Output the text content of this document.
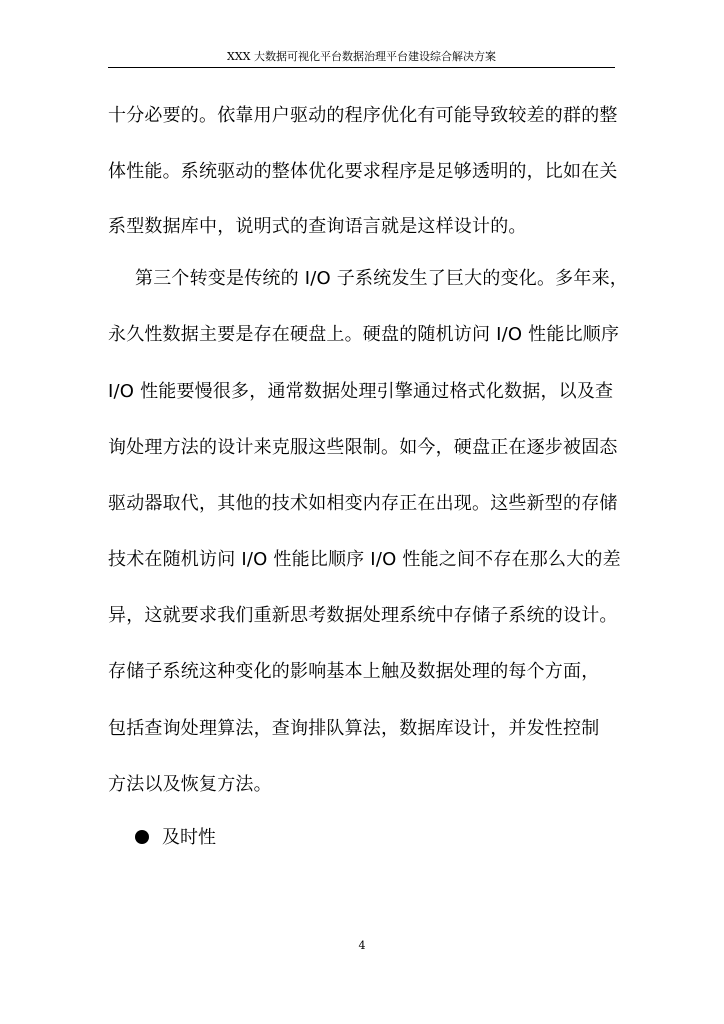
XXX 大数据可视化平台数据治理平台建设综合解决方案
十分必要的。依靠用户驱动的程序优化有可能导致较差的群的整
体性能。系统驱动的整体优化要求程序是足够透明的，比如在关
系型数据库中，说明式的查询语言就是这样设计的。
第三个转变是传统的 I/O 子系统发生了巨大的变化。多年来，
永久性数据主要是存在硬盘上。硬盘的随机访问 I/O 性能比顺序
I/O 性能要慢很多，通常数据处理引擎通过格式化数据，以及查
询处理方法的设计来克服这些限制。如今，硬盘正在逐步被固态
驱动器取代，其他的技术如相变内存正在出现。这些新型的存储
技术在随机访问 I/O 性能比顺序 I/O 性能之间不存在那么大的差
异，这就要求我们重新思考数据处理系统中存储子系统的设计。
存储子系统这种变化的影响基本上触及数据处理的每个方面，
包括查询处理算法，查询排队算法，数据库设计，并发性控制
方法以及恢复方法。
及时性
4
